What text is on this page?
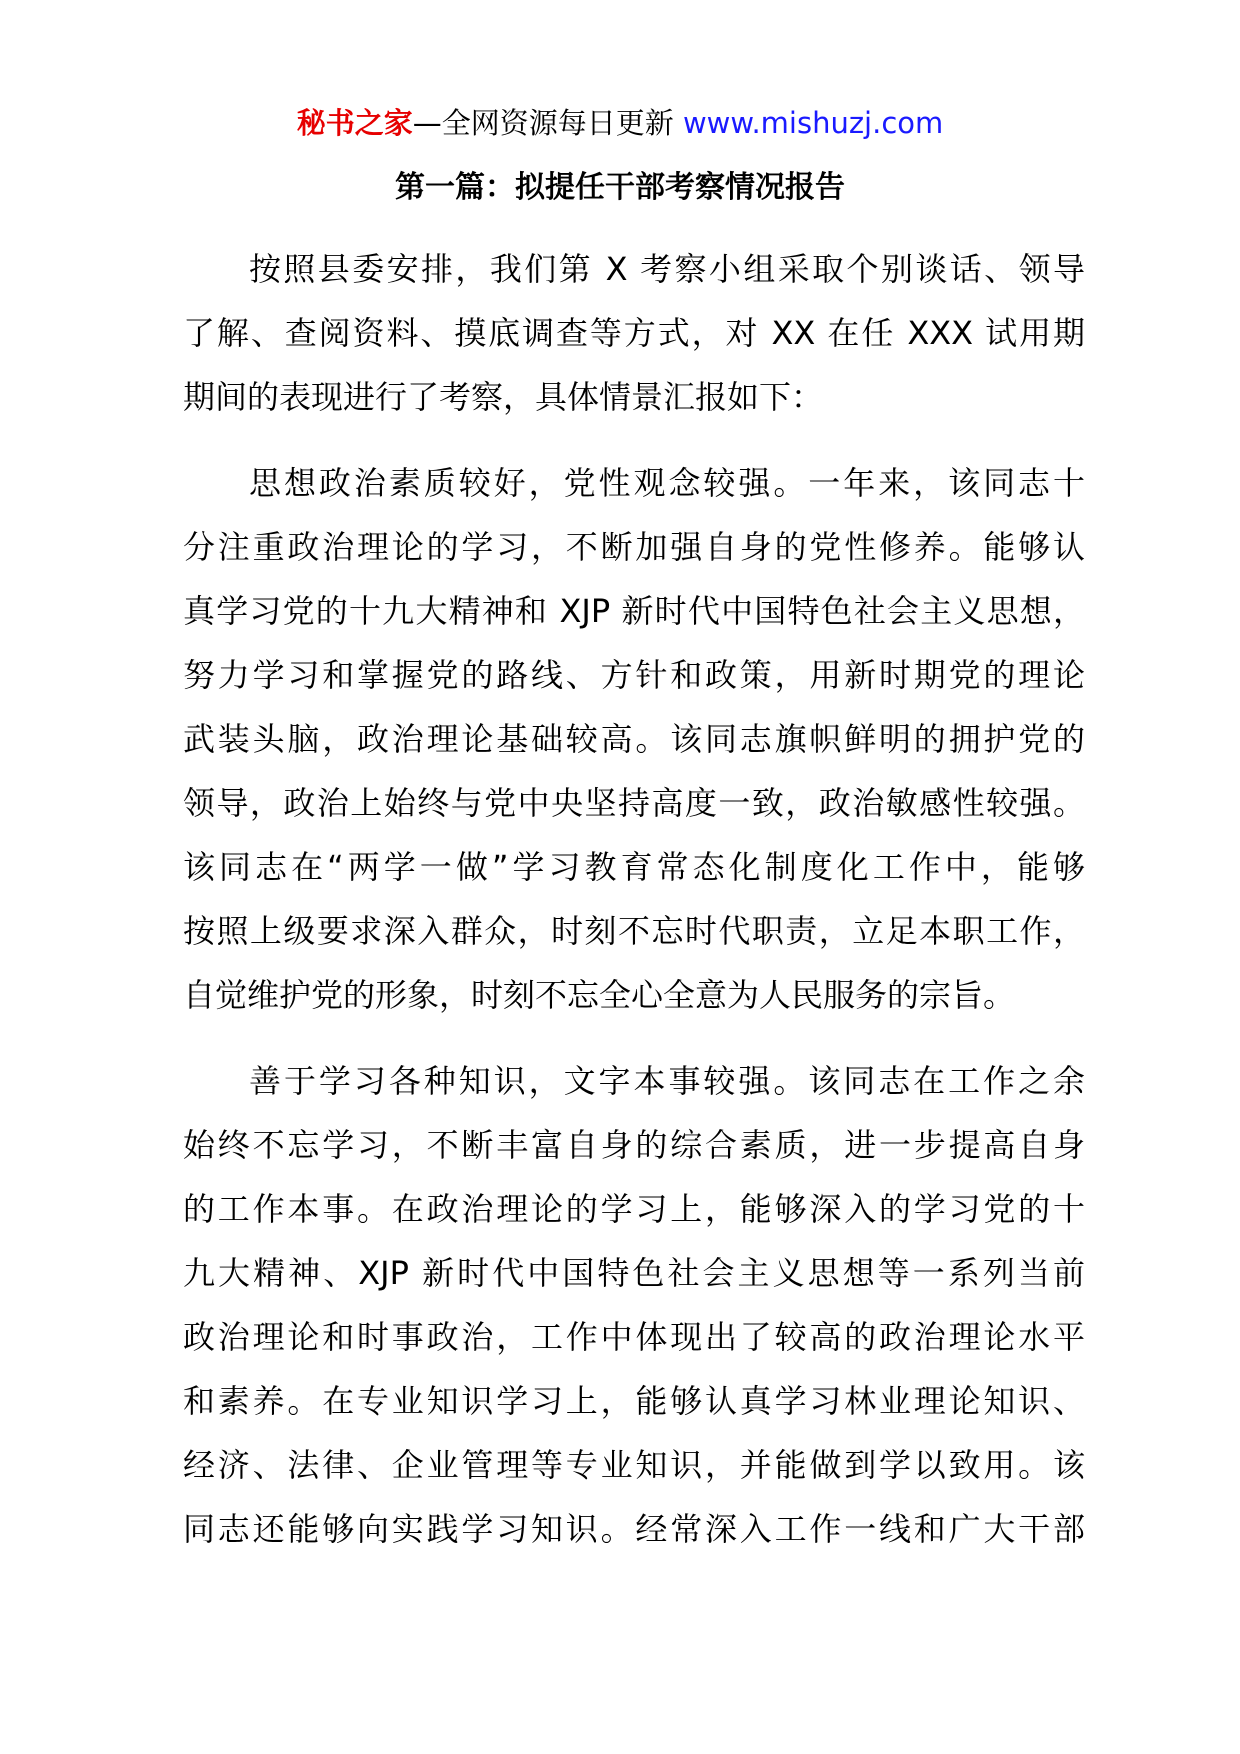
秘书之家—全网资源每日更新 www.mishuzj.com
第一篇：拟提任干部考察情况报告
按照县委安排，我们第 X 考察小组采取个别谈话、领导
了解、查阅资料、摸底调查等方式，对 XX 在任 XXX 试用期
期间的表现进行了考察，具体情景汇报如下：
思想政治素质较好，党性观念较强。一年来，该同志十
分注重政治理论的学习，不断加强自身的党性修养。能够认
真学习党的十九大精神和 XJP 新时代中国特色社会主义思想，
努力学习和掌握党的路线、方针和政策，用新时期党的理论
武装头脑，政治理论基础较高。该同志旗帜鲜明的拥护党的
领导，政治上始终与党中央坚持高度一致，政治敏感性较强。
该同志在“两学一做”学习教育常态化制度化工作中，能够
按照上级要求深入群众，时刻不忘时代职责，立足本职工作，
自觉维护党的形象，时刻不忘全心全意为人民服务的宗旨。
善于学习各种知识，文字本事较强。该同志在工作之余
始终不忘学习，不断丰富自身的综合素质，进一步提高自身
的工作本事。在政治理论的学习上，能够深入的学习党的十
九大精神、XJP 新时代中国特色社会主义思想等一系列当前
政治理论和时事政治，工作中体现出了较高的政治理论水平
和素养。在专业知识学习上，能够认真学习林业理论知识、
经济、法律、企业管理等专业知识，并能做到学以致用。该
同志还能够向实践学习知识。经常深入工作一线和广大干部
